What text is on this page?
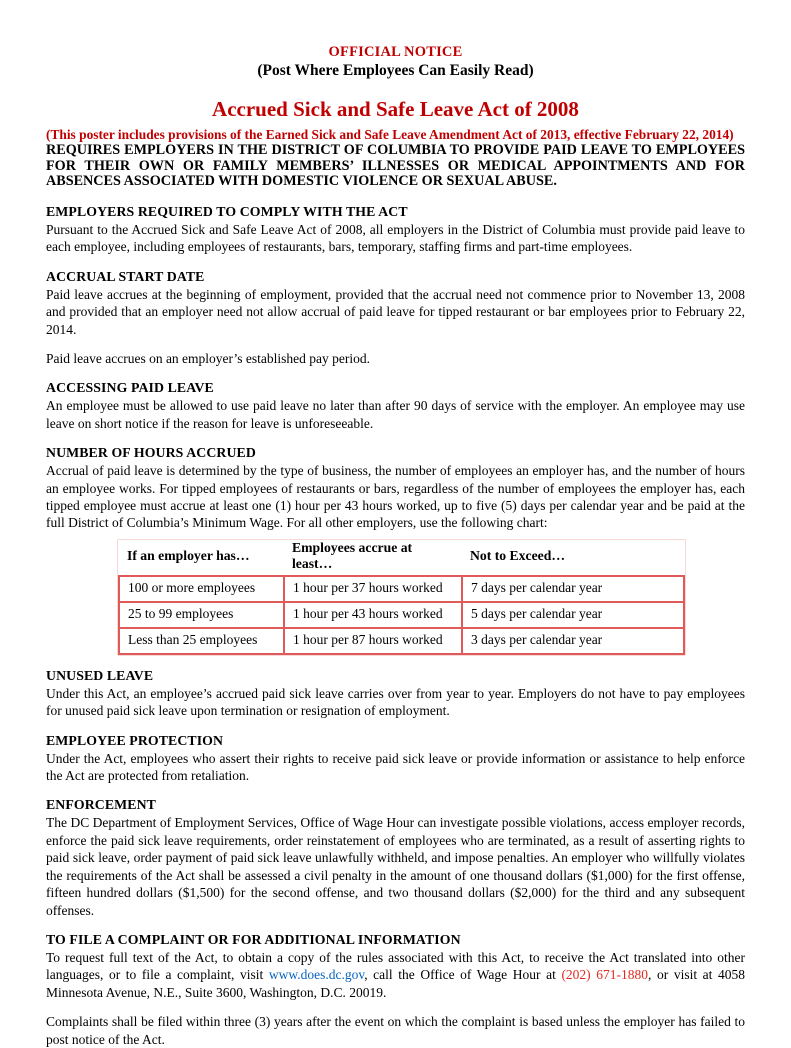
OFFICIAL NOTICE
(Post Where Employees Can Easily Read)
Accrued Sick and Safe Leave Act of 2008
(This poster includes provisions of the Earned Sick and Safe Leave Amendment Act of 2013, effective February 22, 2014)

REQUIRES EMPLOYERS IN THE DISTRICT OF COLUMBIA TO PROVIDE PAID LEAVE TO EMPLOYEES FOR THEIR OWN OR FAMILY MEMBERS’ ILLNESSES OR MEDICAL APPOINTMENTS AND FOR ABSENCES ASSOCIATED WITH DOMESTIC VIOLENCE OR SEXUAL ABUSE.

EMPLOYERS REQUIRED TO COMPLY WITH THE ACT

Pursuant to the Accrued Sick and Safe Leave Act of 2008, all employers in the District of Columbia must provide paid leave to each employee, including employees of restaurants, bars, temporary, staffing firms and part-time employees.

ACCRUAL START DATE

Paid leave accrues at the beginning of employment, provided that the accrual need not commence prior to November 13, 2008 and provided that an employer need not allow accrual of paid leave for tipped restaurant or bar employees prior to February 22, 2014.

Paid leave accrues on an employer’s established pay period.

ACCESSING PAID LEAVE

An employee must be allowed to use paid leave no later than after 90 days of service with the employer. An employee may use leave on short notice if the reason for leave is unforeseeable.

NUMBER OF HOURS ACCRUED

Accrual of paid leave is determined by the type of business, the number of employees an employer has, and the number of hours an employee works. For tipped employees of restaurants or bars, regardless of the number of employees the employer has, each tipped employee must accrue at least one (1) hour per 43 hours worked, up to five (5) days per calendar year and be paid at the full District of Columbia’s Minimum Wage. For all other employers, use the following chart:

If an employer has…	Employees accrue at least…	Not to Exceed…
100 or more employees	1 hour per 37 hours worked	7 days per calendar year
25 to 99 employees	1 hour per 43 hours worked	5 days per calendar year
Less than 25 employees	1 hour per 87 hours worked	3 days per calendar year
UNUSED LEAVE

Under this Act, an employee’s accrued paid sick leave carries over from year to year. Employers do not have to pay employees for unused paid sick leave upon termination or resignation of employment.

EMPLOYEE PROTECTION

Under the Act, employees who assert their rights to receive paid sick leave or provide information or assistance to help enforce the Act are protected from retaliation.

ENFORCEMENT

The DC Department of Employment Services, Office of Wage Hour can investigate possible violations, access employer records, enforce the paid sick leave requirements, order reinstatement of employees who are terminated, as a result of asserting rights to paid sick leave, order payment of paid sick leave unlawfully withheld, and impose penalties. An employer who willfully violates the requirements of the Act shall be assessed a civil penalty in the amount of one thousand dollars ($1,000) for the first offense, fifteen hundred dollars ($1,500) for the second offense, and two thousand dollars ($2,000) for the third and any subsequent offenses.

TO FILE A COMPLAINT OR FOR ADDITIONAL INFORMATION

To request full text of the Act, to obtain a copy of the rules associated with this Act, to receive the Act translated into other languages, or to file a complaint, visit www.does.dc.gov, call the Office of Wage Hour at (202) 671-1880, or visit at 4058 Minnesota Avenue, N.E., Suite 3600, Washington, D.C. 20019.

Complaints shall be filed within three (3) years after the event on which the complaint is based unless the employer has failed to post notice of the Act.
